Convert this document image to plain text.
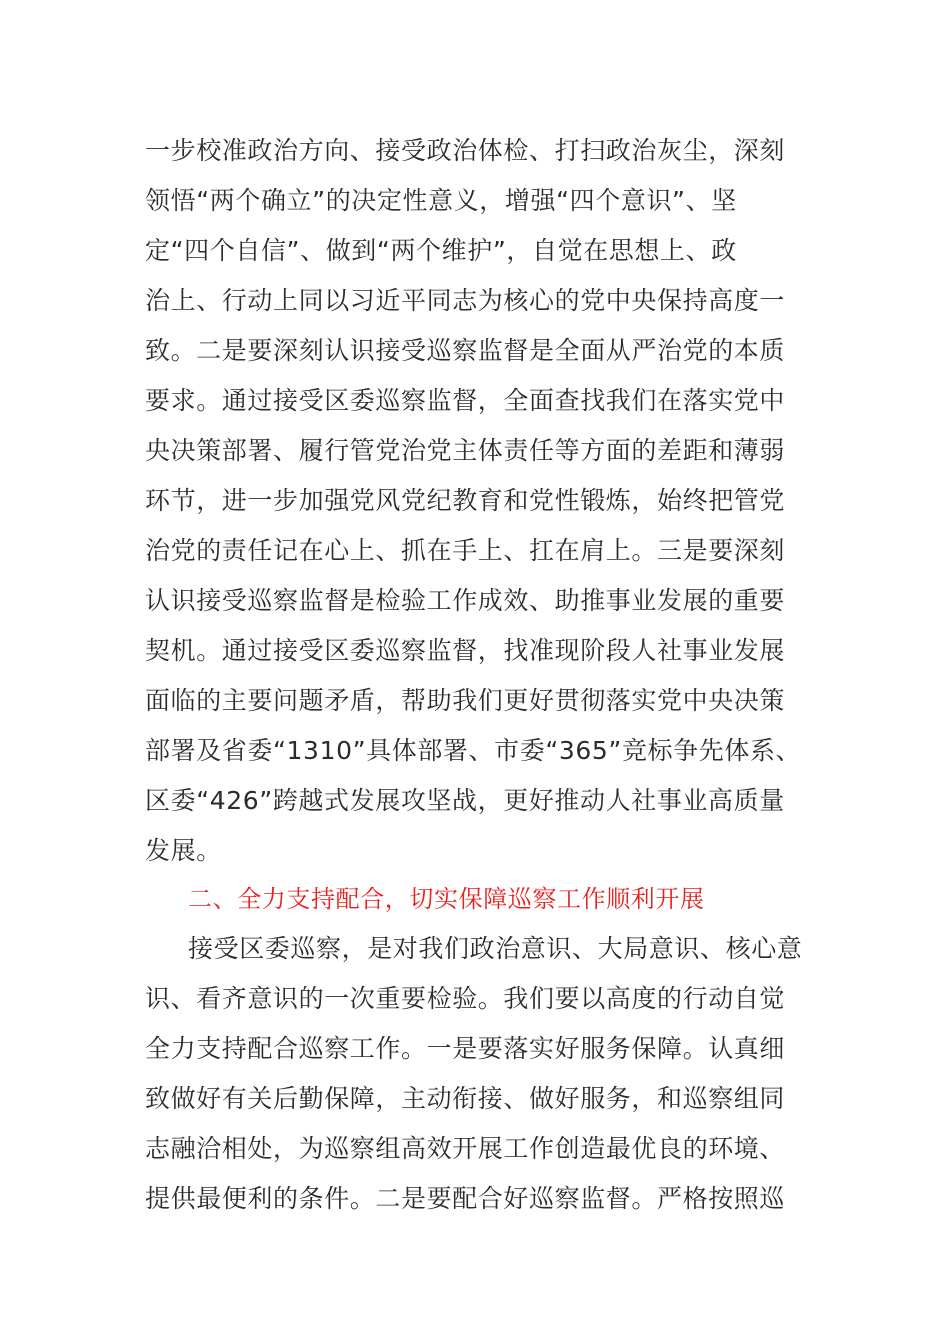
一步校准政治方向、接受政治体检、打扫政治灰尘，深刻
领悟“两个确立”的决定性意义，增强“四个意识”、坚
定“四个自信”、做到“两个维护”，自觉在思想上、政
治上、行动上同以习近平同志为核心的党中央保持高度一
致。二是要深刻认识接受巡察监督是全面从严治党的本质
要求。通过接受区委巡察监督，全面查找我们在落实党中
央决策部署、履行管党治党主体责任等方面的差距和薄弱
环节，进一步加强党风党纪教育和党性锻炼，始终把管党
治党的责任记在心上、抓在手上、扛在肩上。三是要深刻
认识接受巡察监督是检验工作成效、助推事业发展的重要
契机。通过接受区委巡察监督，找准现阶段人社事业发展
面临的主要问题矛盾，帮助我们更好贯彻落实党中央决策
部署及省委“1310”具体部署、市委“365”竞标争先体系、
区委“426”跨越式发展攻坚战，更好推动人社事业高质量
发展。
二、全力支持配合，切实保障巡察工作顺利开展
接受区委巡察，是对我们政治意识、大局意识、核心意
识、看齐意识的一次重要检验。我们要以高度的行动自觉
全力支持配合巡察工作。一是要落实好服务保障。认真细
致做好有关后勤保障，主动衔接、做好服务，和巡察组同
志融洽相处，为巡察组高效开展工作创造最优良的环境、
提供最便利的条件。二是要配合好巡察监督。严格按照巡
